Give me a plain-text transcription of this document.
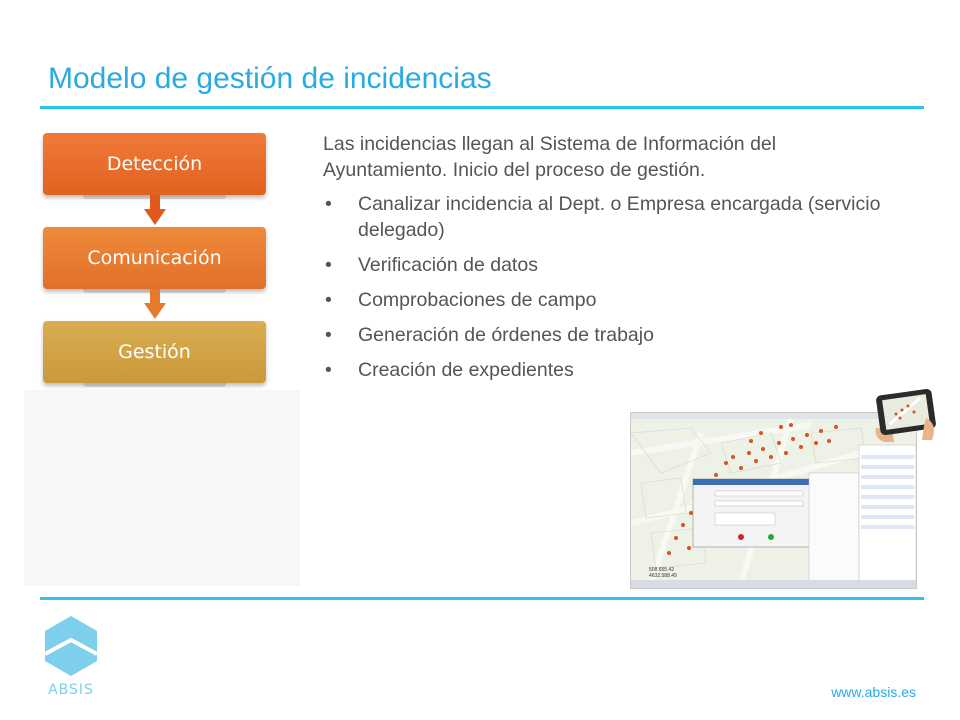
Modelo de gestión de incidencias
Detección
Comunicación
Gestión

Las incidencias llegan al Sistema de Información del Ayuntamiento. Inicio del proceso de gestión.

• Canalizar incidencia al Dept. o Empresa encargada (servicio delegado)
• Verificación de datos
• Comprobaciones de campo
• Generación de órdenes de trabajo
• Creación de expedientes
508.655.42
4632.588.49
ABSIS	www.absis.es
